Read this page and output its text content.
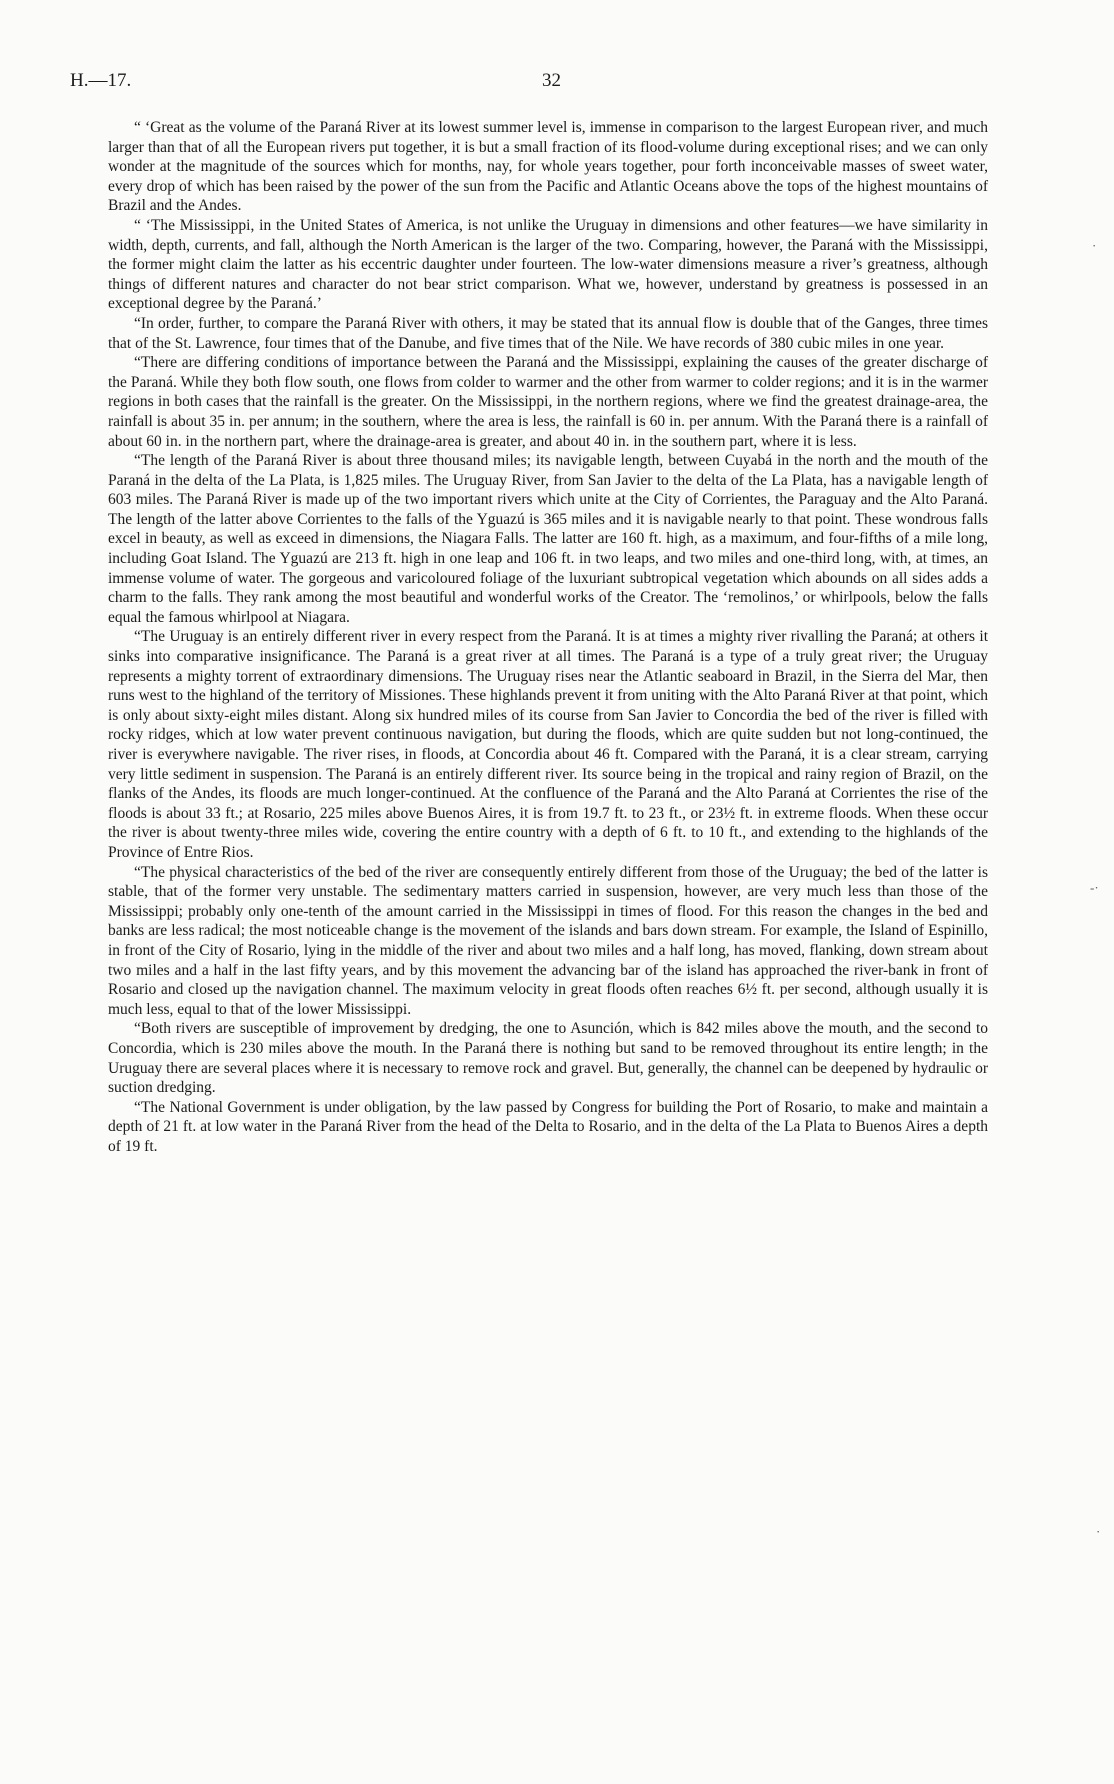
H.—17.	32

“ ‘Great as the volume of the Paraná River at its lowest summer level is, immense in comparison to the largest European river, and much larger than that of all the European rivers put together, it is but a small fraction of its flood-volume during exceptional rises; and we can only wonder at the magnitude of the sources which for months, nay, for whole years together, pour forth inconceivable masses of sweet water, every drop of which has been raised by the power of the sun from the Pacific and Atlantic Oceans above the tops of the highest mountains of Brazil and the Andes.

“ ‘The Mississippi, in the United States of America, is not unlike the Uruguay in dimensions and other features—we have similarity in width, depth, currents, and fall, although the North American is the larger of the two. Comparing, however, the Paraná with the Mississippi, the former might claim the latter as his eccentric daughter under fourteen. The low-water dimensions measure a river’s greatness, although things of different natures and character do not bear strict comparison. What we, however, understand by greatness is possessed in an exceptional degree by the Paraná.’

“In order, further, to compare the Paraná River with others, it may be stated that its annual flow is double that of the Ganges, three times that of the St. Lawrence, four times that of the Danube, and five times that of the Nile. We have records of 380 cubic miles in one year.

“There are differing conditions of importance between the Paraná and the Mississippi, explaining the causes of the greater discharge of the Paraná. While they both flow south, one flows from colder to warmer and the other from warmer to colder regions; and it is in the warmer regions in both cases that the rainfall is the greater. On the Mississippi, in the northern regions, where we find the greatest drainage-area, the rainfall is about 35 in. per annum; in the southern, where the area is less, the rainfall is 60 in. per annum. With the Paraná there is a rainfall of about 60 in. in the northern part, where the drainage-area is greater, and about 40 in. in the southern part, where it is less.

“The length of the Paraná River is about three thousand miles; its navigable length, between Cuyabá in the north and the mouth of the Paraná in the delta of the La Plata, is 1,825 miles. The Uruguay River, from San Javier to the delta of the La Plata, has a navigable length of 603 miles. The Paraná River is made up of the two important rivers which unite at the City of Corrientes, the Paraguay and the Alto Paraná. The length of the latter above Corrientes to the falls of the Yguazú is 365 miles and it is navigable nearly to that point. These wondrous falls excel in beauty, as well as exceed in dimensions, the Niagara Falls. The latter are 160 ft. high, as a maximum, and four-fifths of a mile long, including Goat Island. The Yguazú are 213 ft. high in one leap and 106 ft. in two leaps, and two miles and one-third long, with, at times, an immense volume of water. The gorgeous and varicoloured foliage of the luxuriant subtropical vegetation which abounds on all sides adds a charm to the falls. They rank among the most beautiful and wonderful works of the Creator. The ‘remolinos,’ or whirlpools, below the falls equal the famous whirlpool at Niagara.

“The Uruguay is an entirely different river in every respect from the Paraná. It is at times a mighty river rivalling the Paraná; at others it sinks into comparative insignificance. The Paraná is a great river at all times. The Paraná is a type of a truly great river; the Uruguay represents a mighty torrent of extraordinary dimensions. The Uruguay rises near the Atlantic seaboard in Brazil, in the Sierra del Mar, then runs west to the highland of the territory of Missiones. These highlands prevent it from uniting with the Alto Paraná River at that point, which is only about sixty-eight miles distant. Along six hundred miles of its course from San Javier to Concordia the bed of the river is filled with rocky ridges, which at low water prevent continuous navigation, but during the floods, which are quite sudden but not long-continued, the river is everywhere navigable. The river rises, in floods, at Concordia about 46 ft. Compared with the Paraná, it is a clear stream, carrying very little sediment in suspension. The Paraná is an entirely different river. Its source being in the tropical and rainy region of Brazil, on the flanks of the Andes, its floods are much longer-continued. At the confluence of the Paraná and the Alto Paraná at Corrientes the rise of the floods is about 33 ft.; at Rosario, 225 miles above Buenos Aires, it is from 19.7 ft. to 23 ft., or 23½ ft. in extreme floods. When these occur the river is about twenty-three miles wide, covering the entire country with a depth of 6 ft. to 10 ft., and extending to the highlands of the Province of Entre Rios.

“The physical characteristics of the bed of the river are consequently entirely different from those of the Uruguay; the bed of the latter is stable, that of the former very unstable. The sedimentary matters carried in suspension, however, are very much less than those of the Mississippi; probably only one-tenth of the amount carried in the Mississippi in times of flood. For this reason the changes in the bed and banks are less radical; the most noticeable change is the movement of the islands and bars down stream. For example, the Island of Espinillo, in front of the City of Rosario, lying in the middle of the river and about two miles and a half long, has moved, flanking, down stream about two miles and a half in the last fifty years, and by this movement the advancing bar of the island has approached the river-bank in front of Rosario and closed up the navigation channel. The maximum velocity in great floods often reaches 6½ ft. per second, although usually it is much less, equal to that of the lower Mississippi.

“Both rivers are susceptible of improvement by dredging, the one to Asunción, which is 842 miles above the mouth, and the second to Concordia, which is 230 miles above the mouth. In the Paraná there is nothing but sand to be removed throughout its entire length; in the Uruguay there are several places where it is necessary to remove rock and gravel. But, generally, the channel can be deepened by hydraulic or suction dredging.

“The National Government is under obligation, by the law passed by Congress for building the Port of Rosario, to make and maintain a depth of 21 ft. at low water in the Paraná River from the head of the Delta to Rosario, and in the delta of the La Plata to Buenos Aires a depth of 19 ft.

·
-·
·
